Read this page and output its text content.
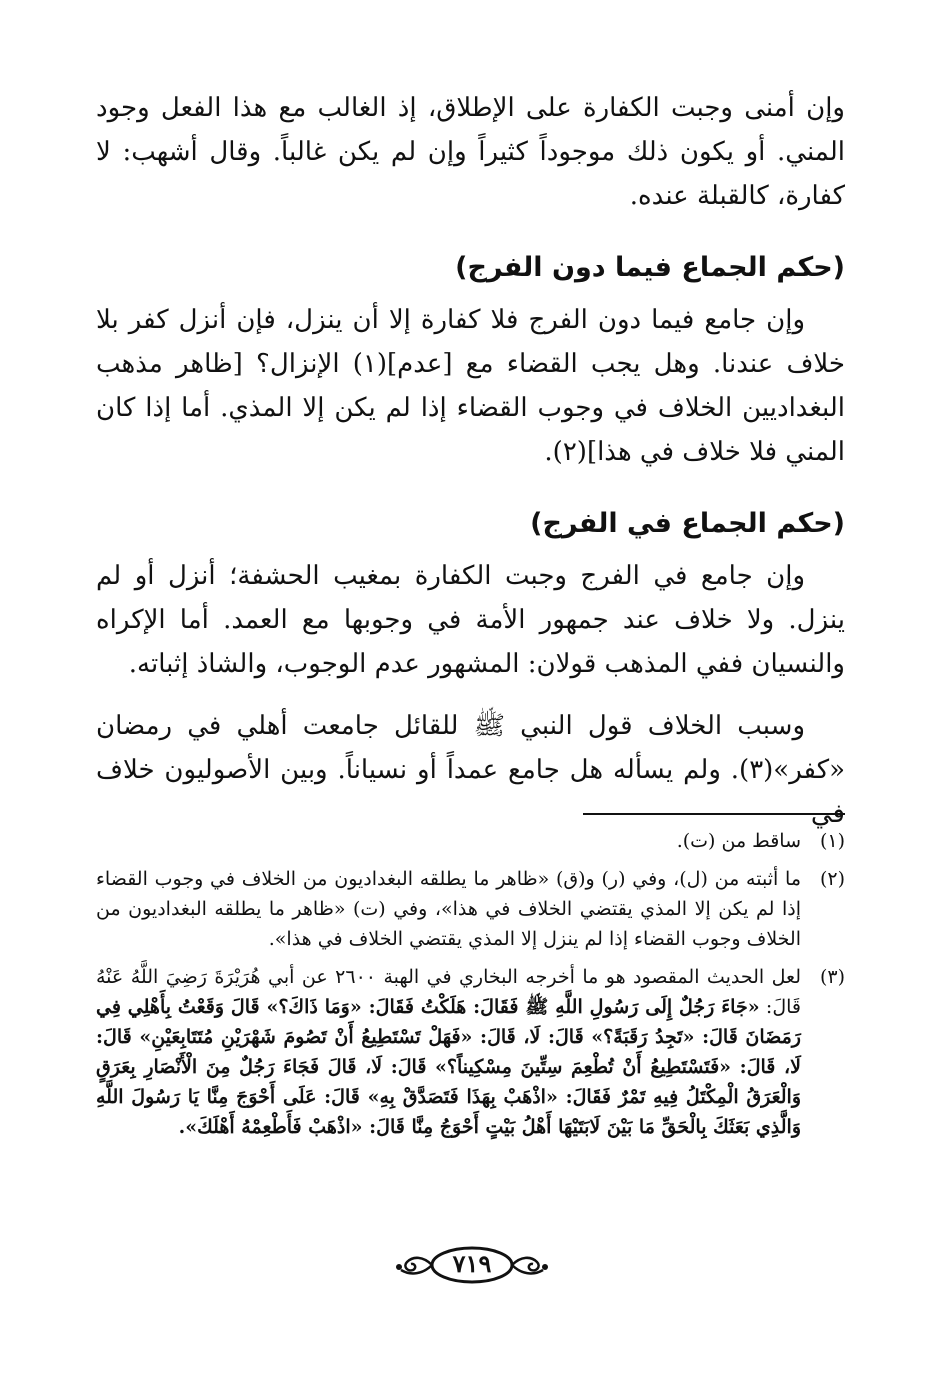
وإن أمنى وجبت الكفارة على الإطلاق، إذ الغالب مع هذا الفعل وجود المني. أو يكون ذلك موجوداً كثيراً وإن لم يكن غالباً. وقال أشهب: لا كفارة، كالقبلة عنده.

(حكم الجماع فيما دون الفرج)

وإن جامع فيما دون الفرج فلا كفارة إلا أن ينزل، فإن أنزل كفر بلا خلاف عندنا. وهل يجب القضاء مع [عدم](١) الإنزال؟ [ظاهر مذهب البغداديين الخلاف في وجوب القضاء إذا لم يكن إلا المذي. أما إذا كان المني فلا خلاف في هذا](٢).

(حكم الجماع في الفرج)

وإن جامع في الفرج وجبت الكفارة بمغيب الحشفة؛ أنزل أو لم ينزل. ولا خلاف عند جمهور الأمة في وجوبها مع العمد. أما الإكراه والنسيان ففي المذهب قولان: المشهور عدم الوجوب، والشاذ إثباته.

وسبب الخلاف قول النبي ﷺ للقائل جامعت أهلي في رمضان «كفر»(٣). ولم يسأله هل جامع عمداً أو نسياناً. وبين الأصوليون خلاف في

(١)
ساقط من (ت).
(٢)
ما أثبته من (ل)، وفي (ر) و(ق) «ظاهر ما يطلقه البغداديون من الخلاف في وجوب القضاء إذا لم يكن إلا المذي يقتضي الخلاف في هذا»، وفي (ت) «ظاهر ما يطلقه البغداديون من الخلاف وجوب القضاء إذا لم ينزل إلا المذي يقتضي الخلاف في هذا».
(٣)
لعل الحديث المقصود هو ما أخرجه البخاري في الهبة ٢٦٠٠ عن أبي هُرَيْرَةَ رَضِيَ اللَّهُ عَنْهُ قَالَ: «جَاءَ رَجُلٌ إِلَى رَسُولِ اللَّهِ ﷺ فَقَالَ: هَلَكْتُ فَقَالَ: «وَمَا ذَاكَ؟» قَالَ وَقَعْتُ بِأَهْلِي فِي رَمَضَانَ قَالَ: «تَجِدُ رَقَبَةً؟» قَالَ: لَا، قَالَ: «فَهَلْ تَسْتَطِيعُ أَنْ تَصُومَ شَهْرَيْنِ مُتَتَابِعَيْنِ» قَالَ: لَا، قَالَ: «فَتَسْتَطِيعُ أَنْ تُطْعِمَ سِتِّينَ مِسْكِيناً؟» قَالَ: لَا، قَالَ فَجَاءَ رَجُلٌ مِنَ الْأَنْصَارِ بِعَرَقٍ وَالْعَرَقُ الْمِكْتَلُ فِيهِ تَمْرٌ فَقَالَ: «اذْهَبْ بِهَذَا فَتَصَدَّقْ بِهِ» قَالَ: عَلَى أَحْوَجَ مِنَّا يَا رَسُولَ اللَّهِ وَالَّذِي بَعَثَكَ بِالْحَقِّ مَا بَيْنَ لَابَتَيْهَا أَهْلُ بَيْتٍ أَحْوَجُ مِنَّا قَالَ: «اذْهَبْ فَأَطْعِمْهُ أَهْلَكَ».
٧١٩
